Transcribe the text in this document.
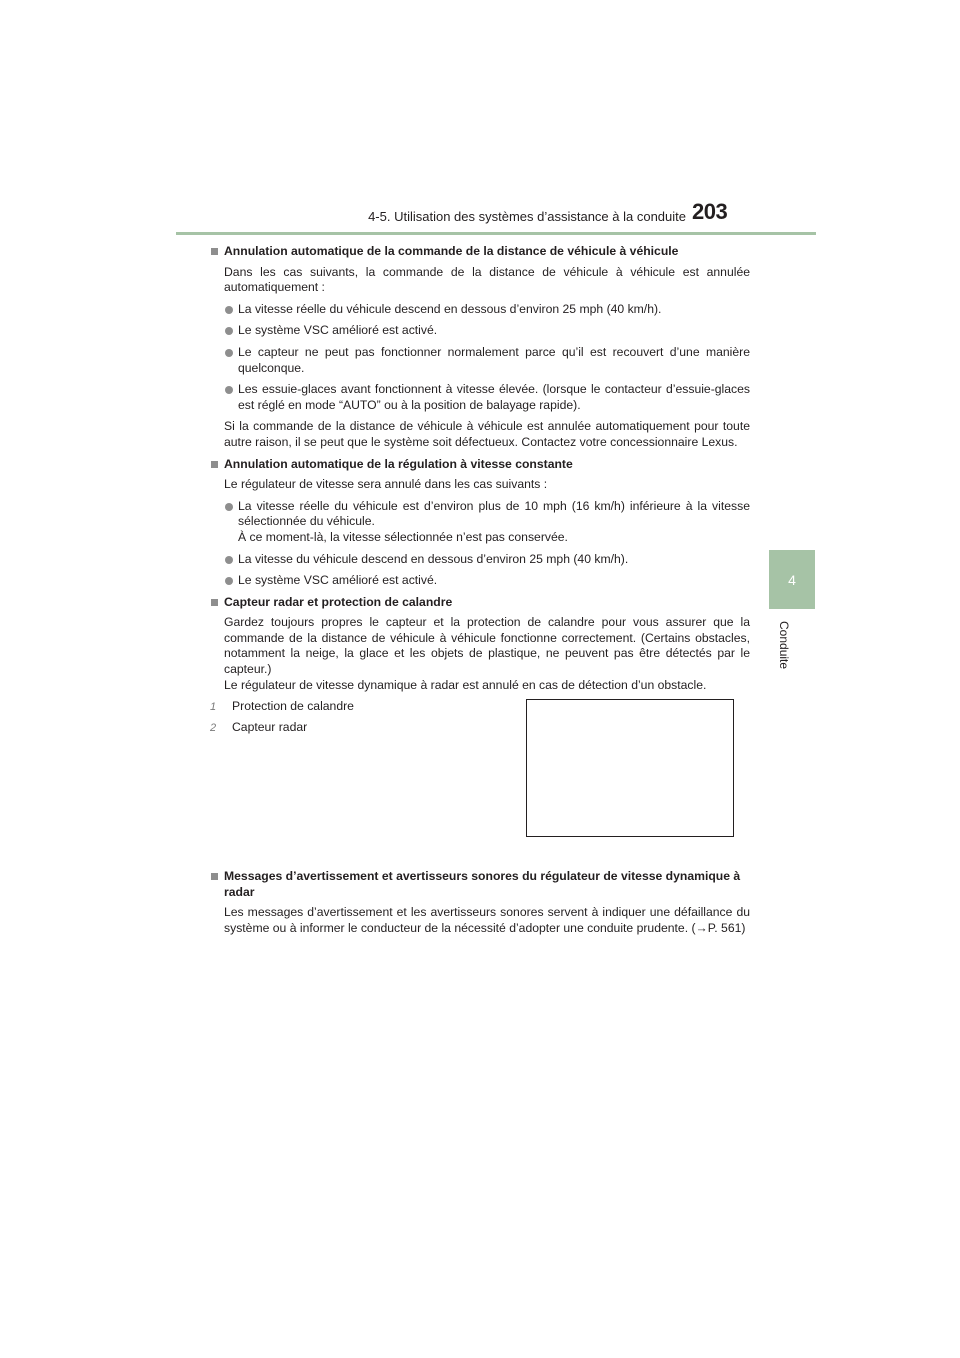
4-5. Utilisation des systèmes d’assistance à la conduite 203
4
Conduite
Annulation automatique de la commande de la distance de véhicule à véhicule
Dans les cas suivants, la commande de la distance de véhicule à véhicule est annulée automatiquement :
La vitesse réelle du véhicule descend en dessous d’environ 25 mph (40 km/h).
Le système VSC amélioré est activé.
Le capteur ne peut pas fonctionner normalement parce qu’il est recouvert d’une manière quelconque.
Les essuie-glaces avant fonctionnent à vitesse élevée. (lorsque le contacteur d’essuie-glaces est réglé en mode “AUTO” ou à la position de balayage rapide).
Si la commande de la distance de véhicule à véhicule est annulée automatiquement pour toute autre raison, il se peut que le système soit défectueux. Contactez votre concessionnaire Lexus.
Annulation automatique de la régulation à vitesse constante
Le régulateur de vitesse sera annulé dans les cas suivants :
La vitesse réelle du véhicule est d’environ plus de 10 mph (16 km/h) inférieure à la vitesse sélectionnée du véhicule.
À ce moment-là, la vitesse sélectionnée n’est pas conservée.
La vitesse du véhicule descend en dessous d’environ 25 mph (40 km/h).
Le système VSC amélioré est activé.
Capteur radar et protection de calandre
Gardez toujours propres le capteur et la protection de calandre pour vous assurer que la commande de la distance de véhicule à véhicule fonctionne correctement. (Certains obstacles, notamment la neige, la glace et les objets de plastique, ne peuvent pas être détectés par le capteur.)
Le régulateur de vitesse dynamique à radar est annulé en cas de détection d’un obstacle.
1 Protection de calandre
2 Capteur radar
Messages d’avertissement et avertisseurs sonores du régulateur de vitesse dynamique à radar
Les messages d’avertissement et les avertisseurs sonores servent à indiquer une défaillance du système ou à informer le conducteur de la nécessité d’adopter une conduite prudente. (→P. 561)
